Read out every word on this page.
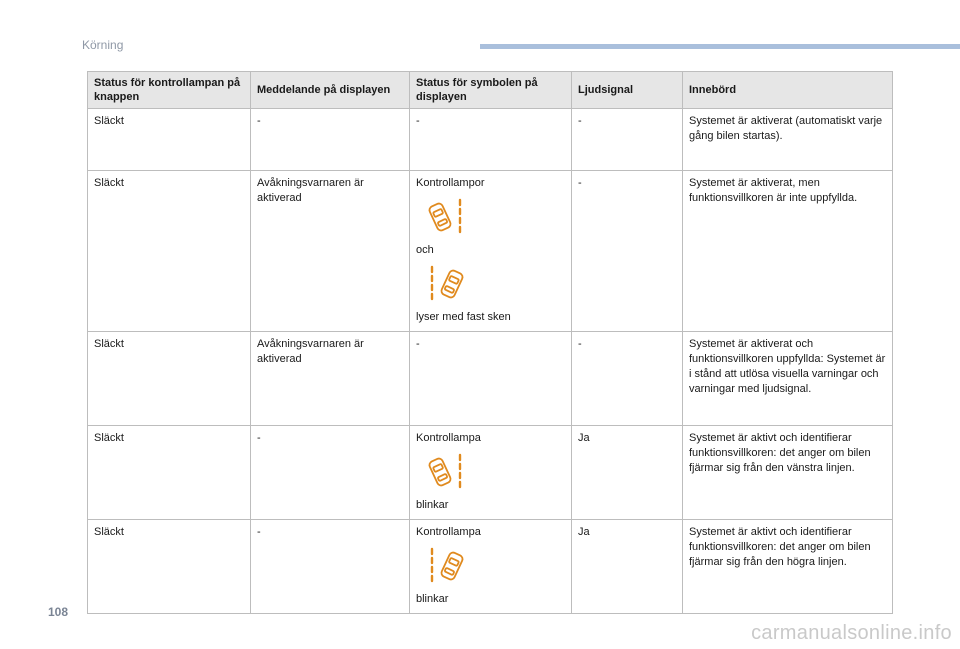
Körning
Status för kontrollampan på knappen	Meddelande på displayen	Status för symbolen på displayen	Ljudsignal	Innebörd
Släckt	-	-	-	Systemet är aktiverat (automatiskt varje gång bilen startas).
Släckt	Avåkningsvarnaren är aktiverad	Kontrollampor
och
lyser med fast sken	-	Systemet är aktiverat, men funktionsvillkoren är inte uppfyllda.
Släckt	Avåkningsvarnaren är aktiverad	-	-	Systemet är aktiverat och funktionsvillkoren uppfyllda: Systemet är i stånd att utlösa visuella varningar och varningar med ljudsignal.
Släckt	-	Kontrollampa
blinkar	Ja	Systemet är aktivt och identifierar funktionsvillkoren: det anger om bilen fjärmar sig från den vänstra linjen.
Släckt	-	Kontrollampa
blinkar	Ja	Systemet är aktivt och identifierar funktionsvillkoren: det anger om bilen fjärmar sig från den högra linjen.
108
carmanualsonline.info
